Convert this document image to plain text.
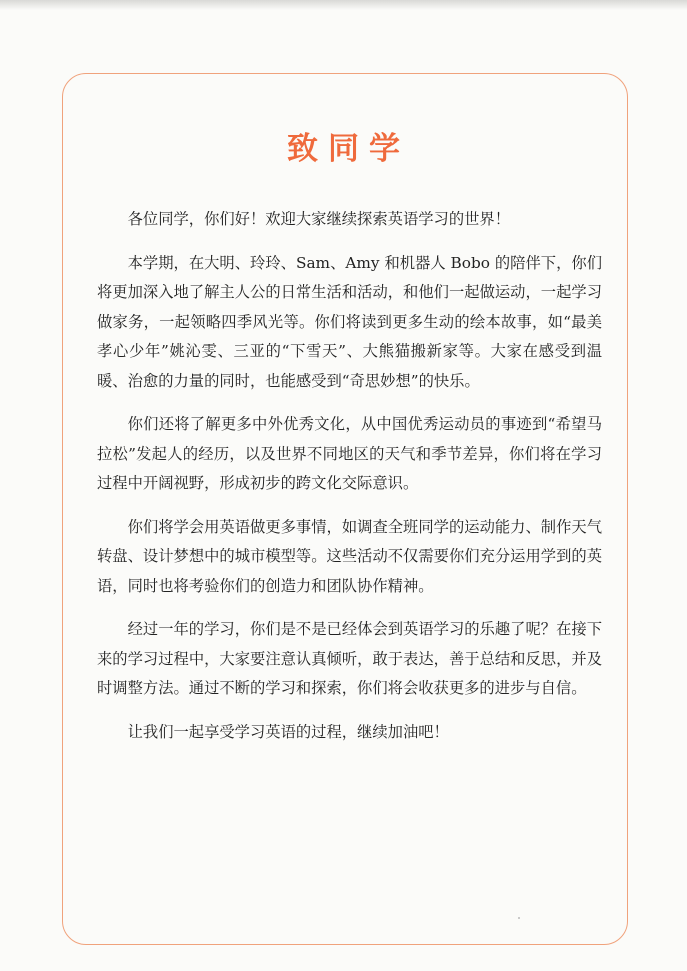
致同学

各位同学，你们好！欢迎大家继续探索英语学习的世界！

本学期，在大明、玲玲、Sam、Amy 和机器人 Bobo 的陪伴下，你们将更加深入地了解主人公的日常生活和活动，和他们一起做运动，一起学习做家务，一起领略四季风光等。你们将读到更多生动的绘本故事，如“最美孝心少年”姚沁雯、三亚的“下雪天”、大熊猫搬新家等。大家在感受到温暖、治愈的力量的同时，也能感受到“奇思妙想”的快乐。

你们还将了解更多中外优秀文化，从中国优秀运动员的事迹到“希望马拉松”发起人的经历，以及世界不同地区的天气和季节差异，你们将在学习过程中开阔视野，形成初步的跨文化交际意识。

你们将学会用英语做更多事情，如调查全班同学的运动能力、制作天气转盘、设计梦想中的城市模型等。这些活动不仅需要你们充分运用学到的英语，同时也将考验你们的创造力和团队协作精神。

经过一年的学习，你们是不是已经体会到英语学习的乐趣了呢？在接下来的学习过程中，大家要注意认真倾听，敢于表达，善于总结和反思，并及时调整方法。通过不断的学习和探索，你们将会收获更多的进步与自信。

让我们一起享受学习英语的过程，继续加油吧！
